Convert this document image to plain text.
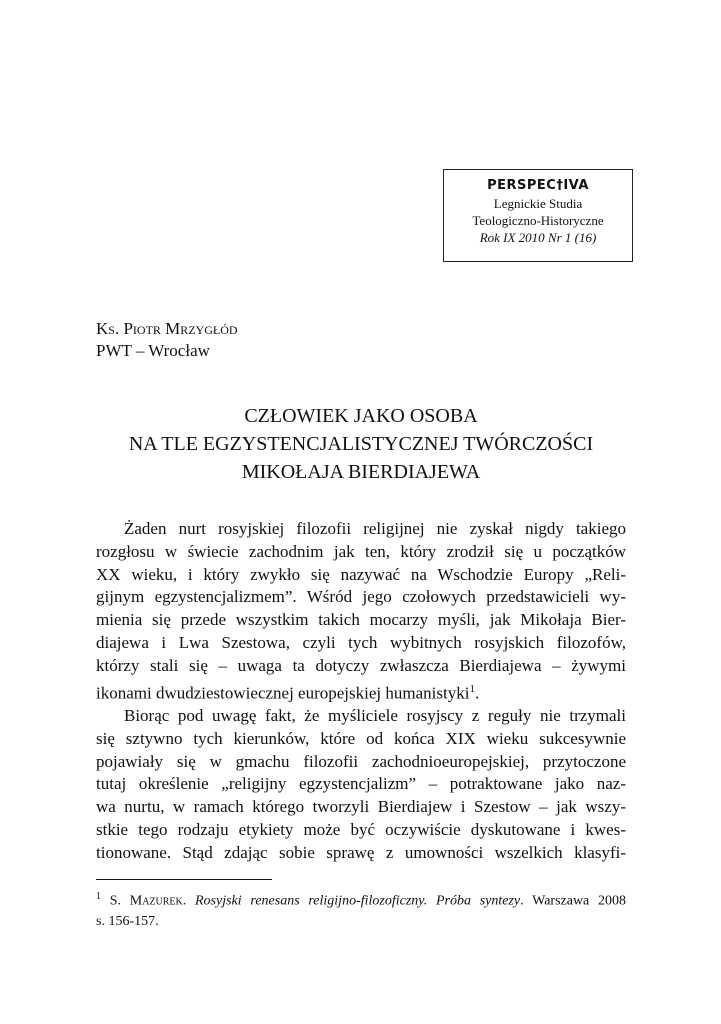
PERSPEC†IVA
Legnickie Studia
Teologiczno-Historyczne
Rok IX 2010 Nr 1 (16)
Ks. Piotr Mrzygłód
PWT – Wrocław
CZŁOWIEK JAKO OSOBA
NA TLE EGZYSTENCJALISTYCZNEJ TWÓRCZOŚCI
MIKOŁAJA BIERDIAJEWA

Żaden nurt rosyjskiej filozofii religijnej nie zyskał nigdy takiego
rozgłosu w świecie zachodnim jak ten, który zrodził się u początków
XX wieku, i który zwykło się nazywać na Wschodzie Europy „Reli-
gijnym egzystencjalizmem”. Wśród jego czołowych przedstawicieli wy-
mienia się przede wszystkim takich mocarzy myśli, jak Mikołaja Bier-
diajewa i Lwa Szestowa, czyli tych wybitnych rosyjskich filozofów,
którzy stali się – uwaga ta dotyczy zwłaszcza Bierdiajewa – żywymi
ikonami dwudziestowiecznej europejskiej humanistyki$^1$.

Biorąc pod uwagę fakt, że myśliciele rosyjscy z reguły nie trzymali
się sztywno tych kierunków, które od końca XIX wieku sukcesywnie
pojawiały się w gmachu filozofii zachodnioeuropejskiej, przytoczone
tutaj określenie „religijny egzystencjalizm” – potraktowane jako naz-
wa nurtu, w ramach którego tworzyli Bierdiajew i Szestow – jak wszy-
stkie tego rodzaju etykiety może być oczywiście dyskutowane i kwes-
tionowane. Stąd zdając sobie sprawę z umowności wszelkich klasyfi-

$^1$ S. Mazurek. Rosyjski renesans religijno-filozoficzny. Próba syntezy. Warszawa 2008
s. 156-157.
